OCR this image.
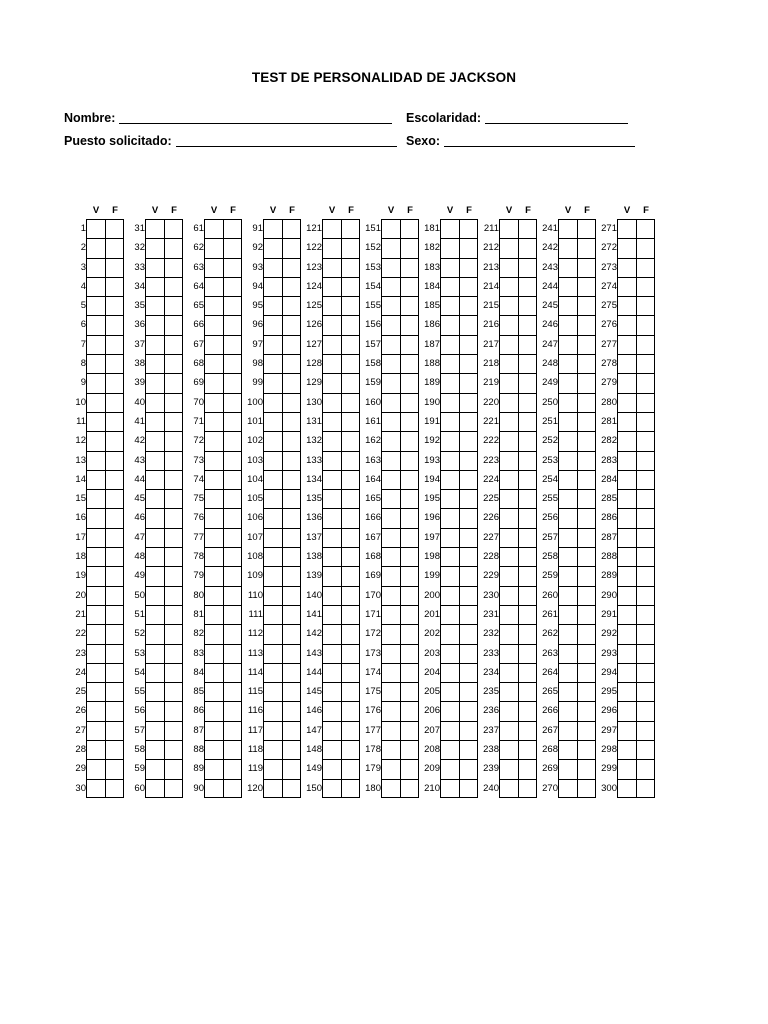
TEST DE PERSONALIDAD DE JACKSON
Nombre:	Escolaridad:
Puesto solicitado:	Sexo:
V F
1
2
3
4
5
6
7
8
9
10
11
12
13
14
15
16
17
18
19
20
21
22
23
24
25
26
27
28
29
30
V F
31
32
33
34
35
36
37
38
39
40
41
42
43
44
45
46
47
48
49
50
51
52
53
54
55
56
57
58
59
60
V F
61
62
63
64
65
66
67
68
69
70
71
72
73
74
75
76
77
78
79
80
81
82
83
84
85
86
87
88
89
90
V F
91
92
93
94
95
96
97
98
99
100
101
102
103
104
105
106
107
108
109
110
111
112
113
114
115
116
117
118
119
120
V F
121
122
123
124
125
126
127
128
129
130
131
132
133
134
135
136
137
138
139
140
141
142
143
144
145
146
147
148
149
150
V F
151
152
153
154
155
156
157
158
159
160
161
162
163
164
165
166
167
168
169
170
171
172
173
174
175
176
177
178
179
180
V F
181
182
183
184
185
186
187
188
189
190
191
192
193
194
195
196
197
198
199
200
201
202
203
204
205
206
207
208
209
210
V F
211
212
213
214
215
216
217
218
219
220
221
222
223
224
225
226
227
228
229
230
231
232
233
234
235
236
237
238
239
240
V F
241
242
243
244
245
246
247
248
249
250
251
252
253
254
255
256
257
258
259
260
261
262
263
264
265
266
267
268
269
270
V F
271
272
273
274
275
276
277
278
279
280
281
282
283
284
285
286
287
288
289
290
291
292
293
294
295
296
297
298
299
300
